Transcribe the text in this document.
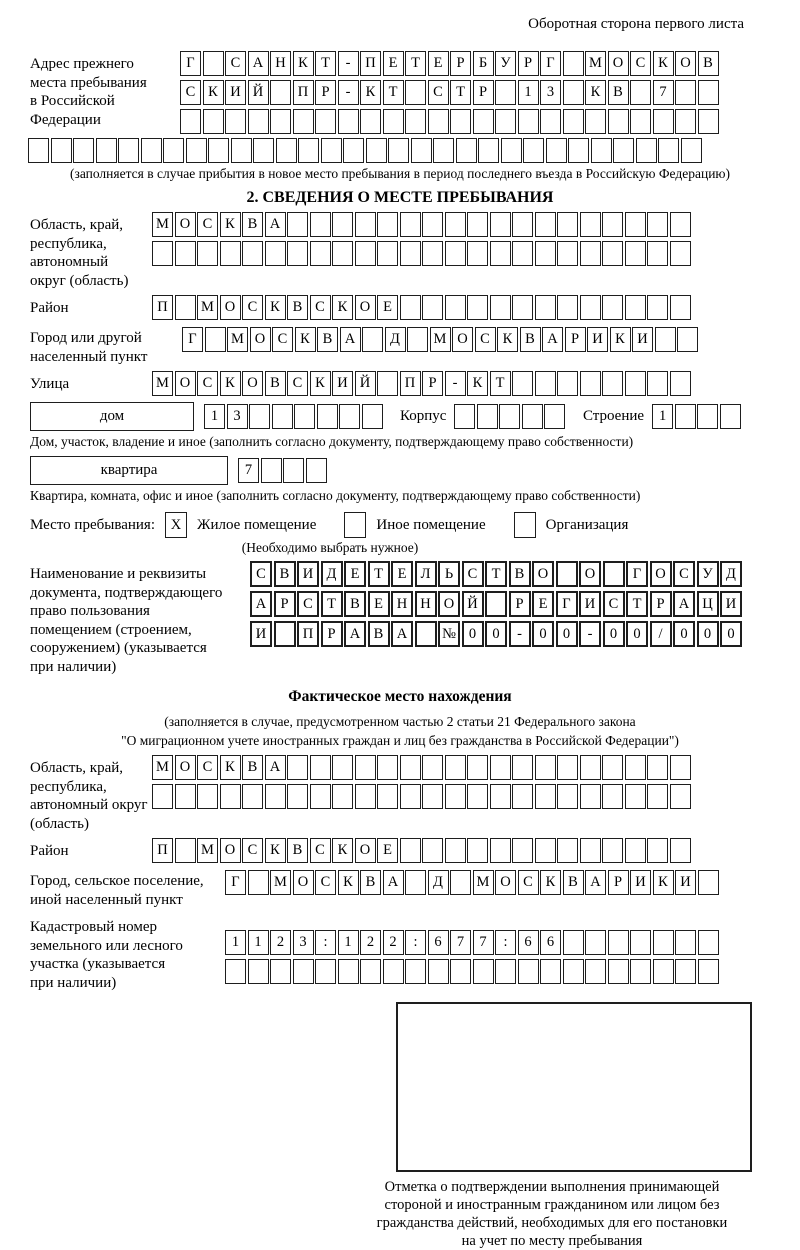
Оборотная сторона первого листа
Адрес прежнего
места пребывания
в Российской
Федерации
Г	С А Н К Т	-	П Е Т Е Р Б У Р Г	М О С К О В
С К И Й	П Р	-	К Т	С Т Р	1	3	К В	7
(заполняется в случае прибытия в новое место пребывания в период последнего въезда в Российскую Федерацию)
2. СВЕДЕНИЯ О МЕСТЕ ПРЕБЫВАНИЯ
Область, край,
республика,
автономный
округ (область)
М О С К В А
Район	П	М О С К В С К О Е
Город или другой
населенный пункт
Г	М О С К В А	Д	М О С К В А Р И К И
Улица	М О С К О В С К И Й	П Р	-	К Т
дом	1	3	Корпус	Строение	1
Дом, участок, владение и иное (заполнить согласно документу, подтверждающему право собственности)
квартира	7
Квартира, комната, офис и иное (заполнить согласно документу, подтверждающему право собственности)
Место пребывания:	X	Жилое помещение	Иное помещение	Организация
(Необходимо выбрать нужное)
Наименование и реквизиты
документа, подтверждающего
право пользования
помещением (строением,
сооружением) (указывается
при наличии)
С В И Д Е	Т	Е Л Ь	С Т В О	О	Г О С У Д
А Р	С Т В Е Н Н О Й	Р	Е	Г И С Т	Р А Ц И
И	П Р А В А	№ 0	0	-	0	0	-	0	0	/	0	0	0
Фактическое место нахождения
(заполняется в случае, предусмотренном частью 2 статьи 21 Федерального закона
"О миграционном учете иностранных граждан и лиц без гражданства в Российской Федерации")
Область, край,
республика,
автономный округ
(область)
М О С К В А
Район	П	М О С К В С К О Е
Город, сельское поселение,
иной населенный пункт
Г	М О С К В А	Д	М О С К В А Р И К И
Кадастровый номер
земельного или лесного
участка (указывается
при наличии)
1	1	2	3	:	1	2	2	:	6	7	7	:	6	6
Отметка о подтверждении выполнения принимающей
стороной и иностранным гражданином или лицом без
гражданства действий, необходимых для его постановки
на учет по месту пребывания
